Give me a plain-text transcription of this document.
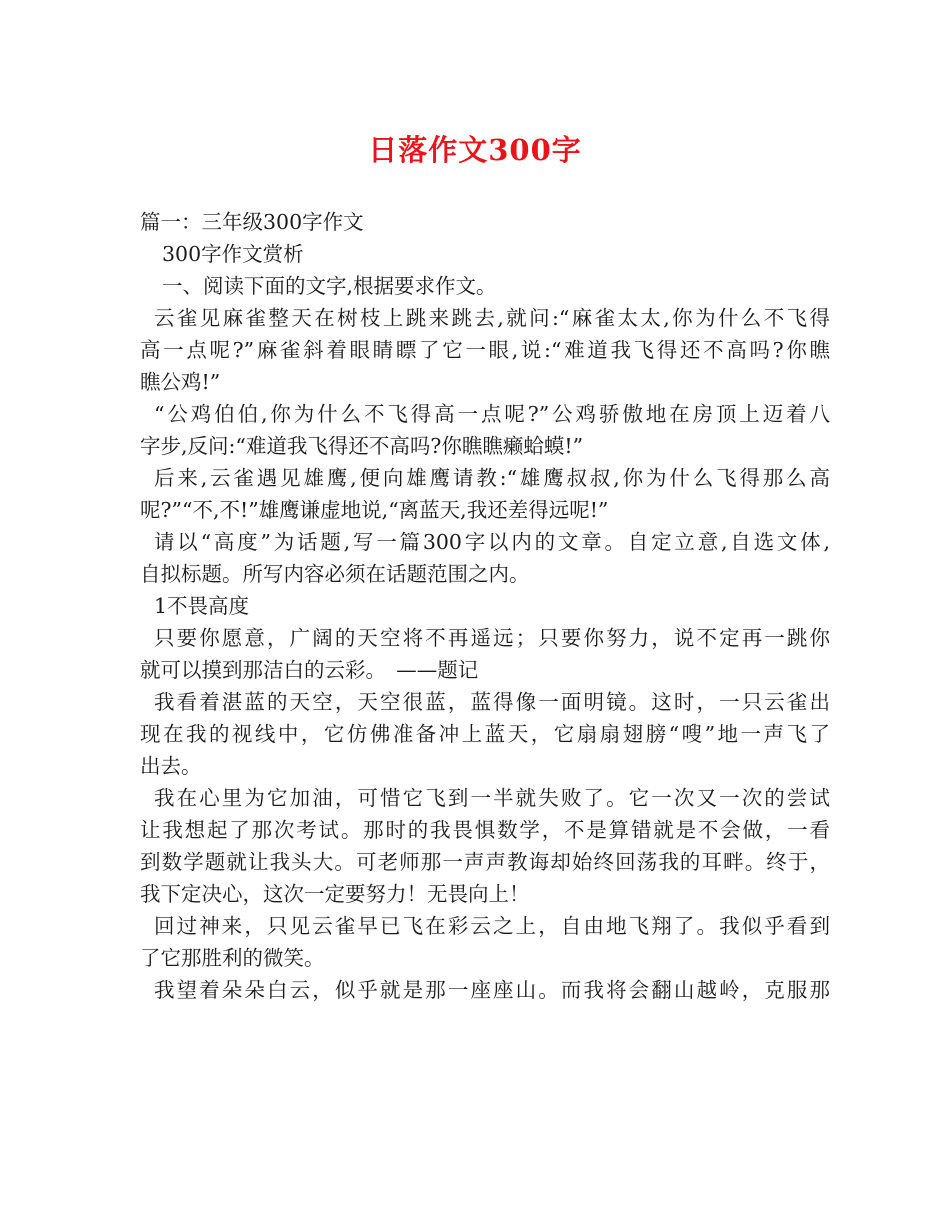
日落作文300字
篇一：三年级300字作文
300字作文赏析
一、阅读下面的文字,根据要求作文。
云雀见麻雀整天在树枝上跳来跳去,就问:“麻雀太太,你为什么不飞得
高一点呢?”麻雀斜着眼睛瞟了它一眼,说:“难道我飞得还不高吗?你瞧
瞧公鸡!”
“公鸡伯伯,你为什么不飞得高一点呢?”公鸡骄傲地在房顶上迈着八
字步,反问:“难道我飞得还不高吗?你瞧瞧癞蛤蟆!”
后来,云雀遇见雄鹰,便向雄鹰请教:“雄鹰叔叔,你为什么飞得那么高
呢?”“不,不!”雄鹰谦虚地说,“离蓝天,我还差得远呢!”
请以“高度”为话题,写一篇300字以内的文章。自定立意,自选文体,
自拟标题。所写内容必须在话题范围之内。
1不畏高度
只要你愿意，广阔的天空将不再遥远；只要你努力，说不定再一跳你
就可以摸到那洁白的云彩。　——题记
我看着湛蓝的天空，天空很蓝，蓝得像一面明镜。这时，一只云雀出
现在我的视线中，它仿佛准备冲上蓝天，它扇扇翅膀“嗖”地一声飞了
出去。
我在心里为它加油，可惜它飞到一半就失败了。它一次又一次的尝试
让我想起了那次考试。那时的我畏惧数学，不是算错就是不会做，一看
到数学题就让我头大。可老师那一声声教诲却始终回荡我的耳畔。终于，
我下定决心，这次一定要努力！无畏向上！
回过神来，只见云雀早已飞在彩云之上，自由地飞翔了。我似乎看到
了它那胜利的微笑。
我望着朵朵白云，似乎就是那一座座山。而我将会翻山越岭，克服那
